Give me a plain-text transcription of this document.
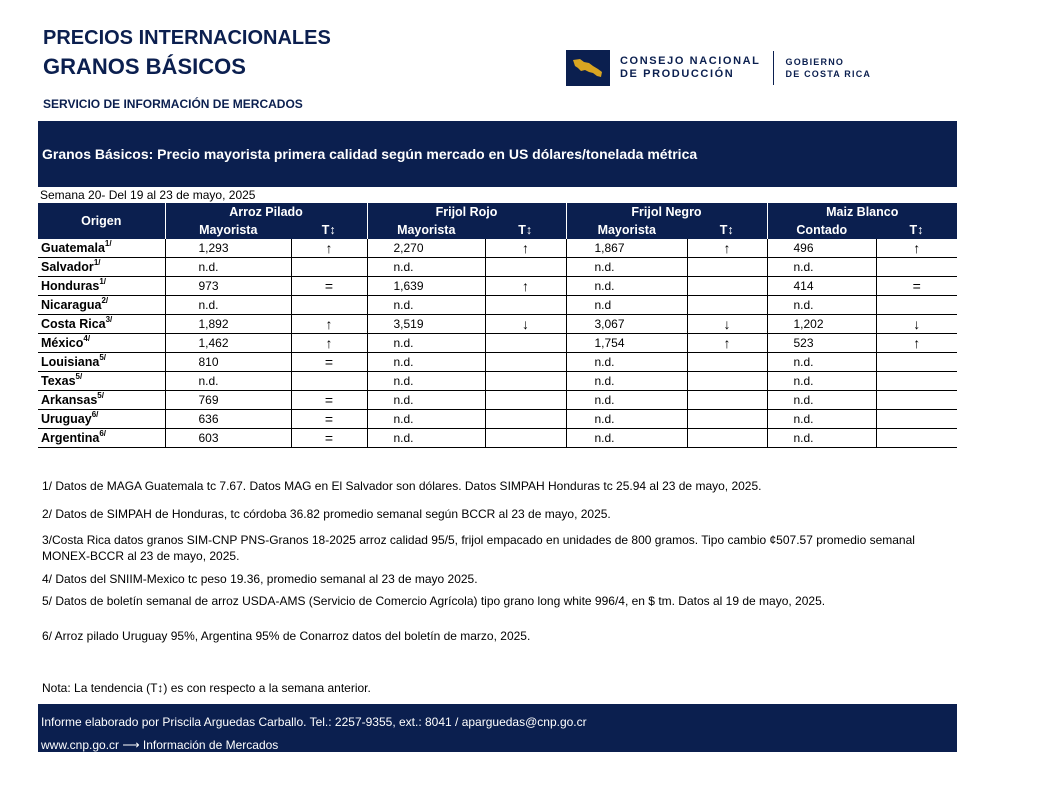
PRECIOS INTERNACIONALES
GRANOS BÁSICOS
SERVICIO DE INFORMACIÓN DE MERCADOS
CONSEJO NACIONAL
DE PRODUCCIÓN
GOBIERNO
DE COSTA RICA
Granos Básicos: Precio mayorista primera calidad según mercado en US dólares/tonelada métrica
Semana 20- Del 19 al 23 de mayo, 2025
Origen	Arroz Pilado		Frijol Rojo		Frijol Negro		Maiz Blanco	
	Mayorista	T↕	Mayorista	T↕	Mayorista	T↕	Contado	T↕
Guatemala$^{1/}$	1,293	↑	2,270	↑	1,867	↑	496	↑
Salvador$^{1/}$	n.d.		n.d.		n.d.		n.d.	
Honduras$^{1/}$	973	=	1,639	↑	n.d.		414	=
Nicaragua$^{2/}$	n.d.		n.d.		n.d		n.d.	
Costa Rica$^{3/}$	1,892	↑	3,519	↓	3,067	↓	1,202	↓
México$^{4/}$	1,462	↑	n.d.		1,754	↑	523	↑
Louisiana$^{5/}$	810	=	n.d.		n.d.		n.d.	
Texas$^{5/}$	n.d.		n.d.		n.d.		n.d.	
Arkansas$^{5/}$	769	=	n.d.		n.d.		n.d.	
Uruguay$^{6/}$	636	=	n.d.		n.d.		n.d.	
Argentina$^{6/}$	603	=	n.d.		n.d.		n.d.	
1/ Datos de MAGA Guatemala tc 7.67. Datos MAG en El Salvador son dólares. Datos SIMPAH Honduras tc 25.94 al 23 de mayo, 2025.
2/ Datos de SIMPAH de Honduras, tc córdoba 36.82 promedio semanal según BCCR al 23 de mayo, 2025.
3/Costa Rica datos granos SIM-CNP PNS-Granos 18-2025 arroz calidad 95/5, frijol empacado en unidades de 800 gramos. Tipo cambio ¢507.57 promedio semanal MONEX-BCCR al 23 de mayo, 2025.
4/ Datos del SNIIM-Mexico tc peso 19.36, promedio semanal al 23 de mayo 2025.
5/ Datos de boletín semanal de arroz USDA-AMS (Servicio de Comercio Agrícola) tipo grano long white 996/4, en $ tm. Datos al 19 de mayo, 2025.
6/ Arroz pilado Uruguay 95%, Argentina 95% de Conarroz datos del boletín de marzo, 2025.
Nota: La tendencia (T↕) es con respecto a la semana anterior.
Informe elaborado por Priscila Arguedas Carballo. Tel.: 2257-9355, ext.: 8041 / aparguedas@cnp.go.cr
www.cnp.go.cr ⟶ Información de Mercados
